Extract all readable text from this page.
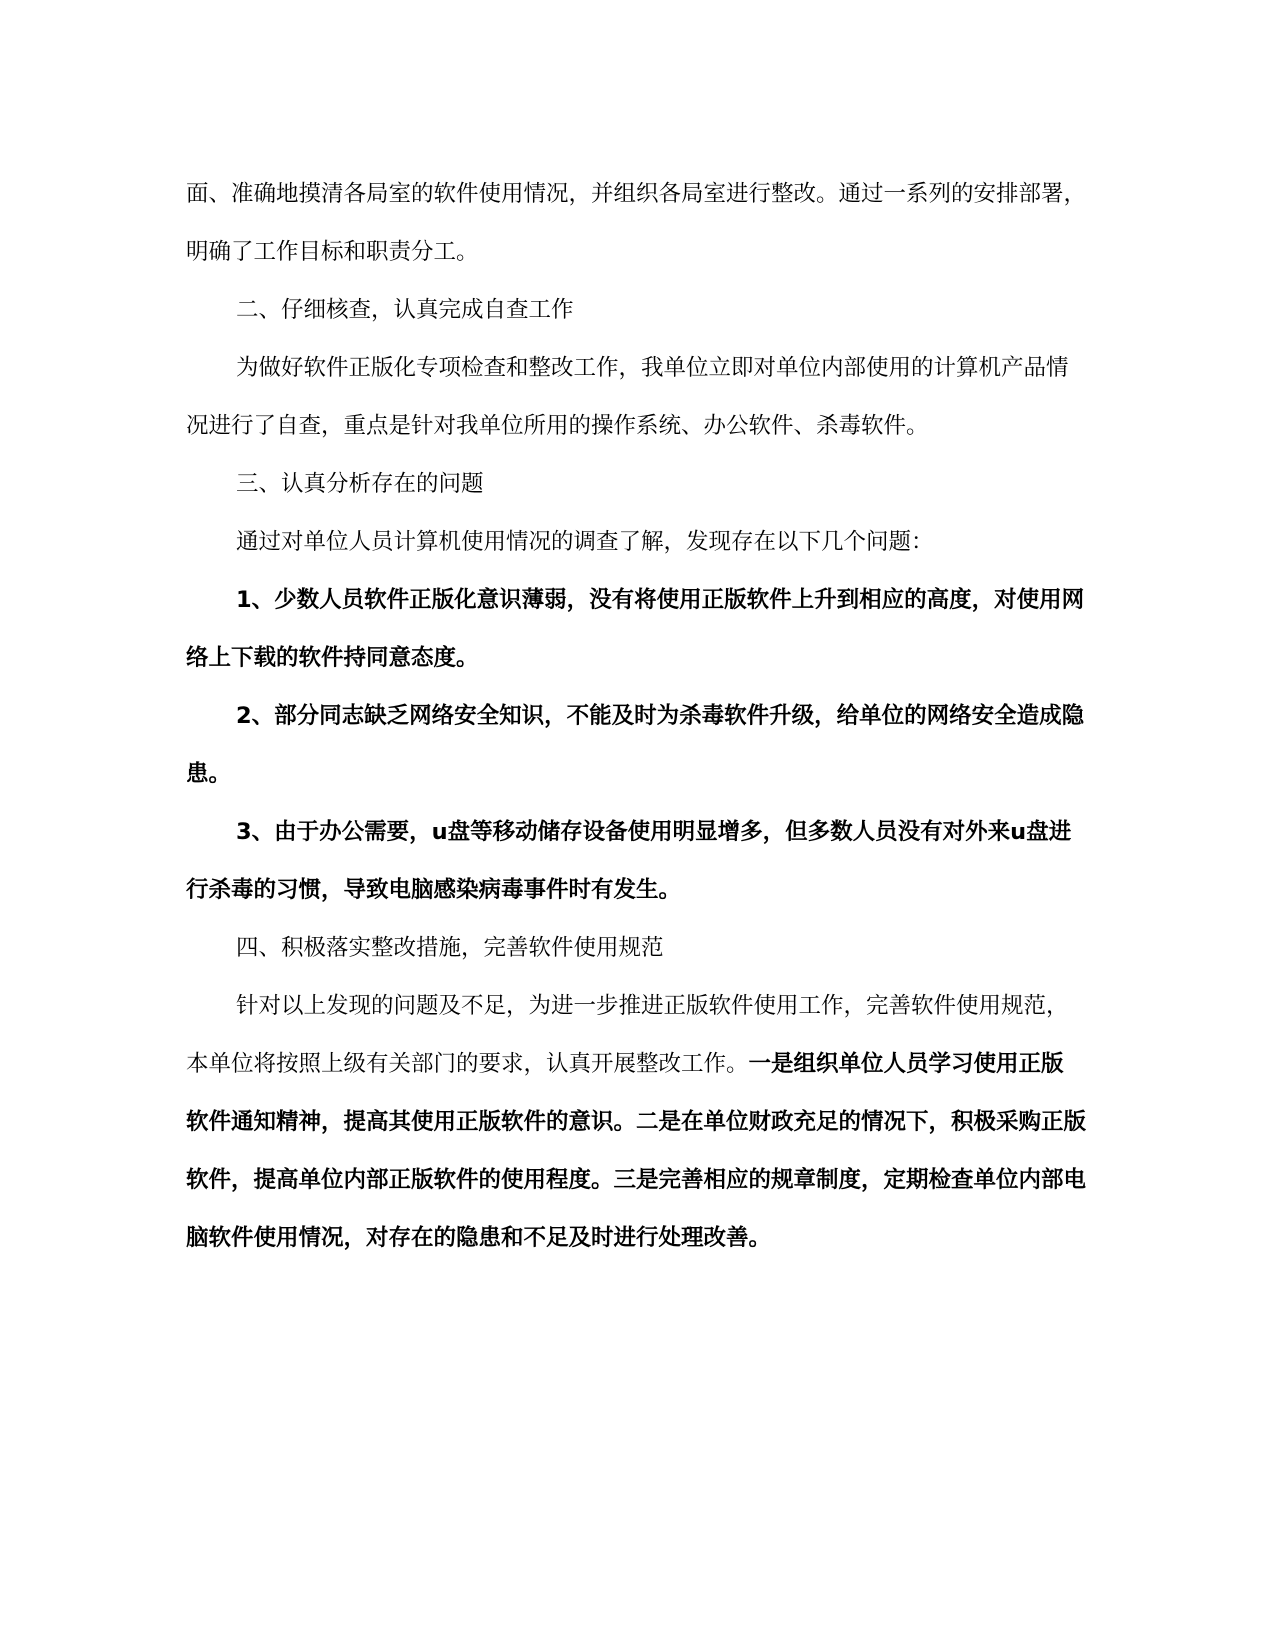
面、准确地摸清各局室的软件使用情况，并组织各局室进行整改。通过一系列的安排部署，明确了工作目标和职责分工。

二、仔细核查，认真完成自查工作

为做好软件正版化专项检查和整改工作，我单位立即对单位内部使用的计算机产品情况进行了自查，重点是针对我单位所用的操作系统、办公软件、杀毒软件。

三、认真分析存在的问题

通过对单位人员计算机使用情况的调查了解，发现存在以下几个问题：

1、少数人员软件正版化意识薄弱，没有将使用正版软件上升到相应的高度，对使用网络上下载的软件持同意态度。

2、部分同志缺乏网络安全知识，不能及时为杀毒软件升级，给单位的网络安全造成隐患。

3、由于办公需要，u盘等移动储存设备使用明显增多，但多数人员没有对外来u盘进行杀毒的习惯，导致电脑感染病毒事件时有发生。

四、积极落实整改措施，完善软件使用规范

针对以上发现的问题及不足，为进一步推进正版软件使用工作，完善软件使用规范，本单位将按照上级有关部门的要求，认真开展整改工作。一是组织单位人员学习使用正版软件通知精神，提高其使用正版软件的意识。二是在单位财政充足的情况下，积极采购正版软件，提高单位内部正版软件的使用程度。三是完善相应的规章制度，定期检查单位内部电脑软件使用情况，对存在的隐患和不足及时进行处理改善。
